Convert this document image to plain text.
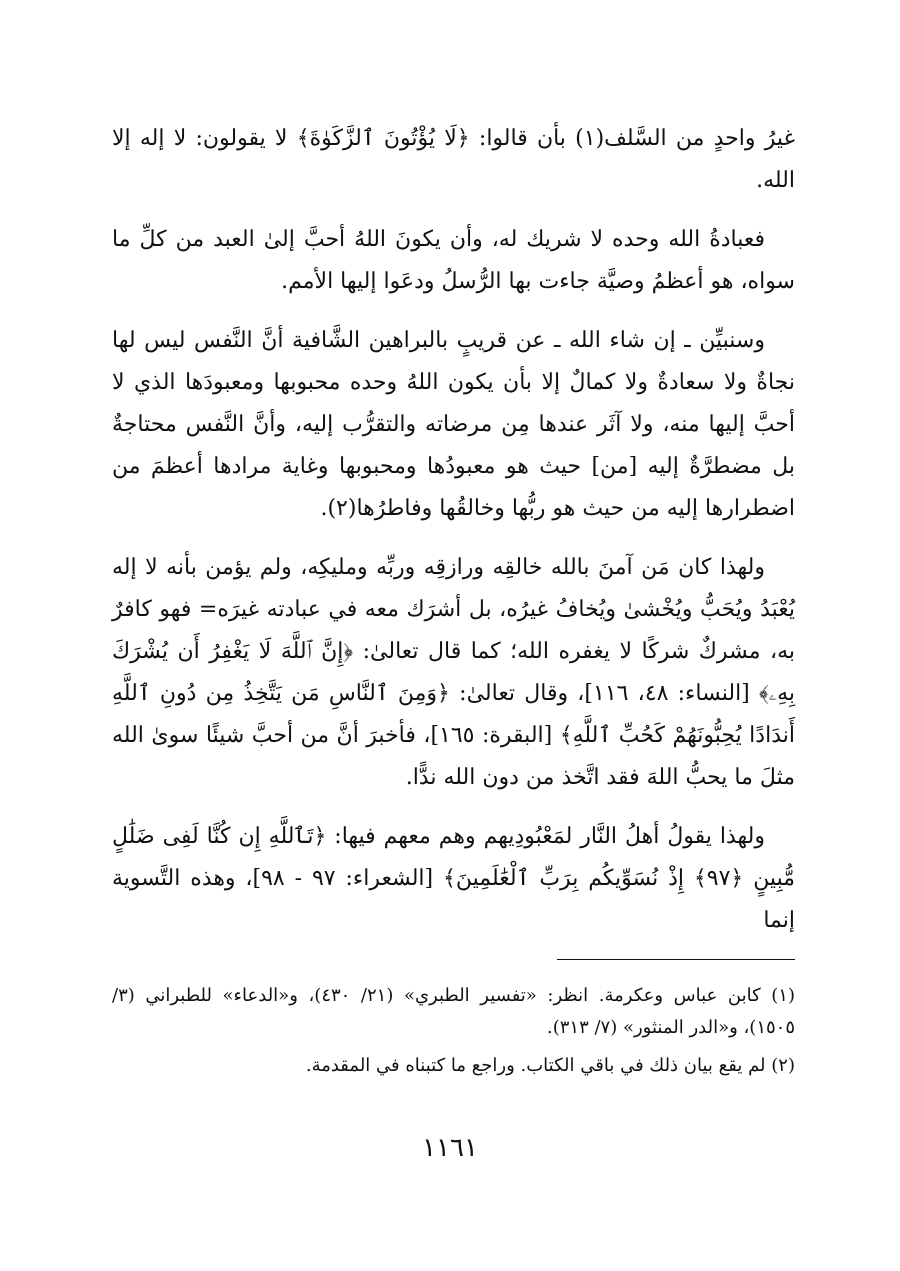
غيرُ واحدٍ من السَّلف(١) بأن قالوا: ﴿لَا يُؤْتُونَ ٱلزَّكَوٰةَ﴾ لا يقولون: لا إله إلا الله.

فعبادةُ الله وحده لا شريك له، وأن يكونَ اللهُ أحبَّ إلىٰ العبد من كلِّ ما سواه، هو أعظمُ وصيَّة جاءت بها الرُّسلُ ودعَوا إليها الأمم.

وسنبيِّن ـ إن شاء الله ـ عن قريبٍ بالبراهين الشَّافية أنَّ النَّفس ليس لها نجاةٌ ولا سعادةٌ ولا كمالٌ إلا بأن يكون اللهُ وحده محبوبها ومعبودَها الذي لا أحبَّ إليها منه، ولا آثَر عندها مِن مرضاته والتقرُّب إليه، وأنَّ النَّفس محتاجةٌ بل مضطرَّةٌ إليه [من] حيث هو معبودُها ومحبوبها وغاية مرادها أعظمَ من اضطرارها إليه من حيث هو ربُّها وخالقُها وفاطرُها(٢).

ولهذا كان مَن آمنَ بالله خالقِه ورازقِه وربِّه ومليكِه، ولم يؤمن بأنه لا إله يُعْبَدُ ويُحَبُّ ويُخْشىٰ ويُخافُ غيرُه، بل أشرَك معه في عبادته غيرَه= فهو كافرٌ به، مشركٌ شركًا لا يغفره الله؛ كما قال تعالىٰ: ﴿إِنَّ ٱللَّهَ لَا يَغْفِرُ أَن يُشْرَكَ بِهِۦ﴾ [النساء: ٤٨، ١١٦]، وقال تعالىٰ: ﴿وَمِنَ ٱلنَّاسِ مَن يَتَّخِذُ مِن دُونِ ٱللَّهِ أَندَادًا يُحِبُّونَهُمْ كَحُبِّ ٱللَّهِ﴾ [البقرة: ١٦٥]، فأخبرَ أنَّ من أحبَّ شيئًا سوىٰ الله مثلَ ما يحبُّ اللهَ فقد اتَّخذ من دون الله ندًّا.

ولهذا يقولُ أهلُ النَّار لمَعْبُودِيهم وهم معهم فيها: ﴿تَٱللَّهِ إِن كُنَّا لَفِى ضَلَٰلٍ مُّبِينٍ ﴿٩٧﴾ إِذْ نُسَوِّيكُم بِرَبِّ ٱلْعَٰلَمِينَ﴾ [الشعراء: ٩٧ - ٩٨]، وهذه التَّسوية إنما

(١) كابن عباس وعكرمة. انظر: «تفسير الطبري» (٢١/ ٤٣٠)، و«الدعاء» للطبراني (٣/ ١٥٠٥)، و«الدر المنثور» (٧/ ٣١٣).

(٢) لم يقع بيان ذلك في باقي الكتاب. وراجع ما كتبناه في المقدمة.

١١٦١
